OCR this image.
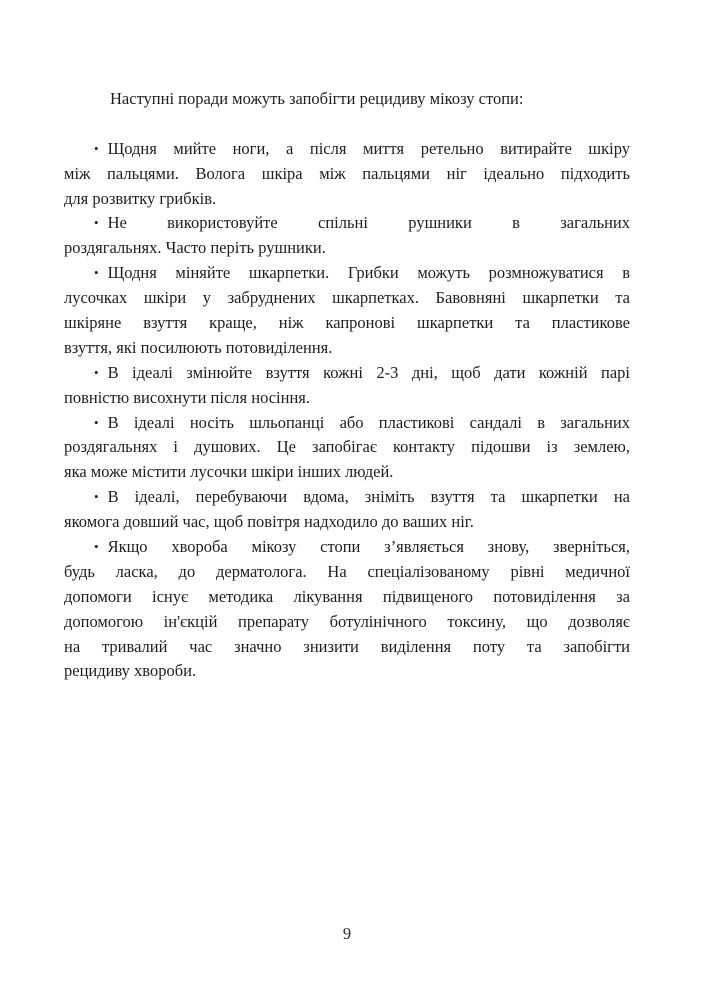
Наступні поради можуть запобігти рецидиву мікозу стопи:
• Щодня мийте ноги, а після миття ретельно витирайте шкіру
між пальцями. Волога шкіра між пальцями ніг ідеально підходить
для розвитку грибків.
• Не використовуйте спільні рушники в загальних
роздягальнях. Часто періть рушники.
• Щодня міняйте шкарпетки. Грибки можуть розмножуватися в
лусочках шкіри у забруднених шкарпетках. Бавовняні шкарпетки та
шкіряне взуття краще, ніж капронові шкарпетки та пластикове
взуття, які посилюють потовиділення.
• В ідеалі змінюйте взуття кожні 2-3 дні, щоб дати кожній парі
повністю висохнути після носіння.
• В ідеалі носіть шльопанці або пластикові сандалі в загальних
роздягальнях і душових. Це запобігає контакту підошви із землею,
яка може містити лусочки шкіри інших людей.
• В ідеалі, перебуваючи вдома, зніміть взуття та шкарпетки на
якомога довший час, щоб повітря надходило до ваших ніг.
• Якщо хвороба мікозу стопи з’являється знову, зверніться,
будь ласка, до дерматолога. На спеціалізованому рівні медичної
допомоги існує методика лікування підвищеного потовиділення за
допомогою ін'єкцій препарату ботулінічного токсину, що дозволяє
на тривалий час значно знизити виділення поту та запобігти
рецидиву хвороби.
9
